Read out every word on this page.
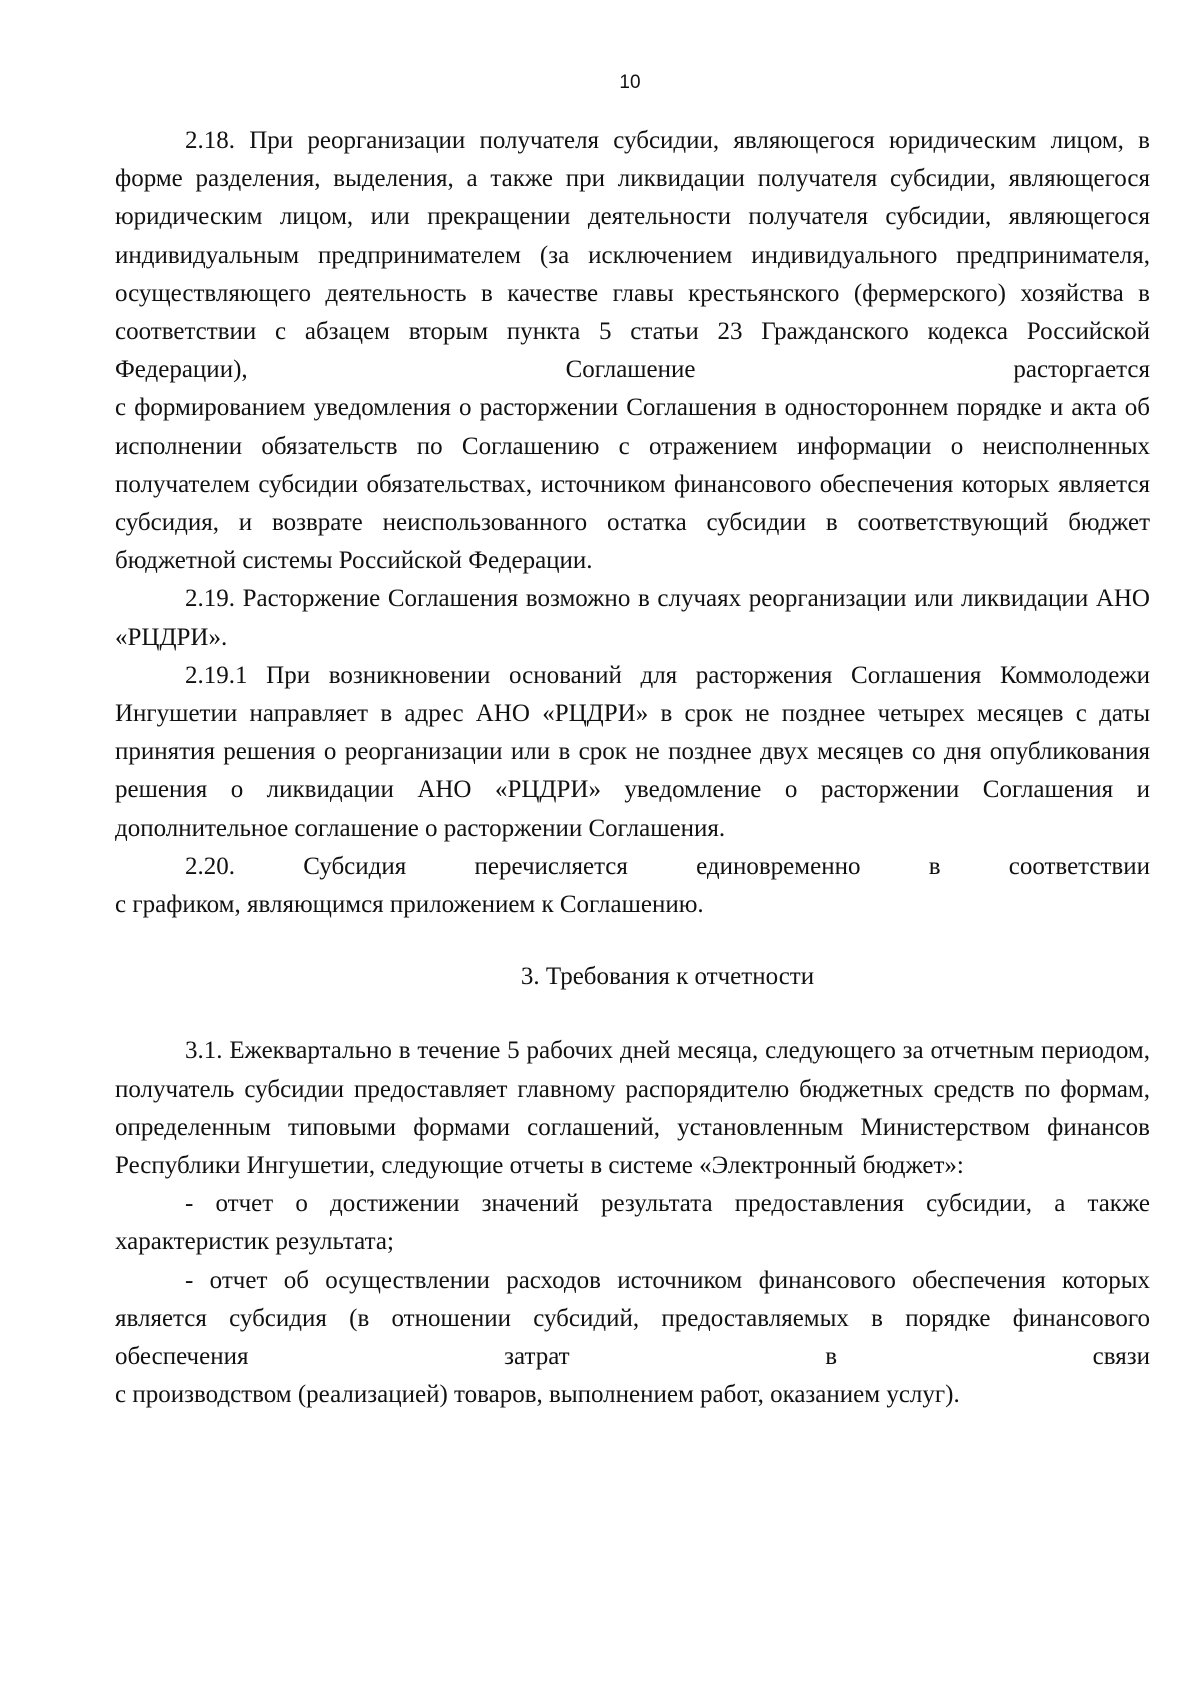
10

2.18. При реорганизации получателя субсидии, являющегося юридическим лицом, в форме разделения, выделения, а также при ликвидации получателя субсидии, являющегося юридическим лицом, или прекращении деятельности получателя субсидии, являющегося индивидуальным предпринимателем (за исключением индивидуального предпринимателя, осуществляющего деятельность в качестве главы крестьянского (фермерского) хозяйства в соответствии с абзацем вторым пункта 5 статьи 23 Гражданского кодекса Российской Федерации), Соглашение расторгается

с формированием уведомления о расторжении Соглашения в одностороннем порядке и акта об исполнении обязательств по Соглашению с отражением информации о неисполненных получателем субсидии обязательствах, источником финансового обеспечения которых является субсидия, и возврате неиспользованного остатка субсидии в соответствующий бюджет бюджетной системы Российской Федерации.

2.19. Расторжение Соглашения возможно в случаях реорганизации или ликвидации АНО «РЦДРИ».

2.19.1 При возникновении оснований для расторжения Соглашения Коммолодежи Ингушетии направляет в адрес АНО «РЦДРИ» в срок не позднее четырех месяцев с даты принятия решения о реорганизации или в срок не позднее двух месяцев со дня опубликования решения о ликвидации АНО «РЦДРИ» уведомление о расторжении Соглашения и дополнительное соглашение о расторжении Соглашения.

2.20. Субсидия перечисляется единовременно в соответствии

с графиком, являющимся приложением к Соглашению.

3. Требования к отчетности

3.1. Ежеквартально в течение 5 рабочих дней месяца, следующего за отчетным периодом, получатель субсидии предоставляет главному распорядителю бюджетных средств по формам, определенным типовыми формами соглашений, установленным Министерством финансов Республики Ингушетии, следующие отчеты в системе «Электронный бюджет»:

- отчет о достижении значений результата предоставления субсидии, а также характеристик результата;

- отчет об осуществлении расходов источником финансового обеспечения которых является субсидия (в отношении субсидий, предоставляемых в порядке финансового обеспечения затрат в связи

с производством (реализацией) товаров, выполнением работ, оказанием услуг).
